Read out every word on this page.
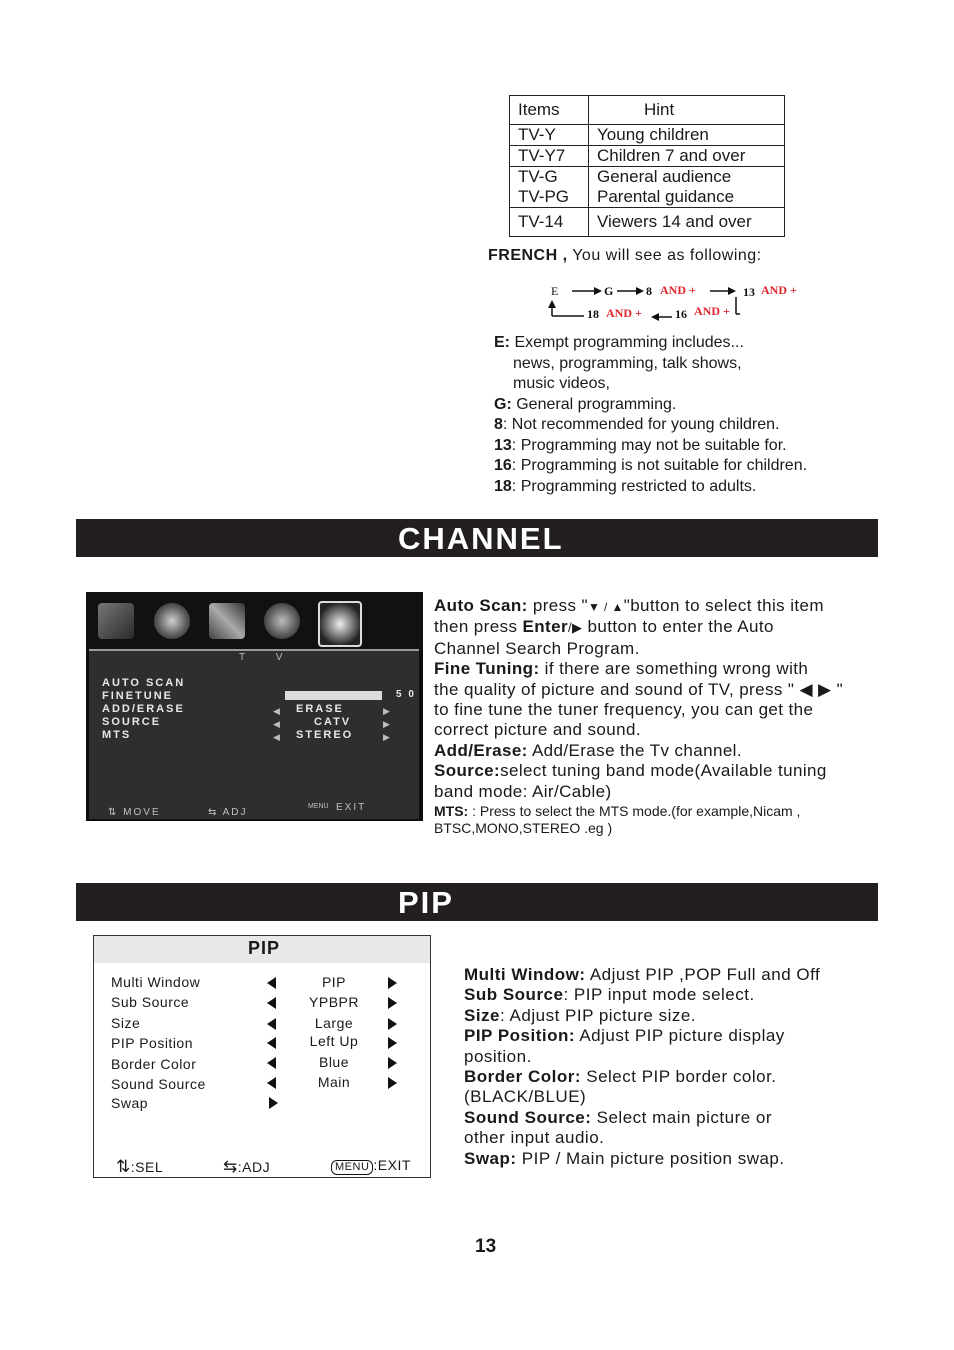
Items	Hint
TV-Y	Young children
TV-Y7	Children 7 and over
TV-G	General audience
TV-PG	Parental guidance
TV-14	Viewers 14 and over
FRENCH , You will see as following:
E	G	8 AND +	13 AND +
18 AND +	16 AND +
E: Exempt programming includes...
news, programming, talk shows,
music videos,
G: General programming.
8: Not recommended for young children.
13: Programming may not be suitable for.
16: Programming is not suitable for children.
18: Programming restricted to adults.
CHANNEL
T V
AUTO SCAN
FINETUNE
ADD/ERASE
SOURCE
MTS
5 0
◀ ERASE	▶
◀	CATV	▶
◀ STEREO	▶
⇅ MOVE	⇆ ADJ
MENU EXIT
Auto Scan: press "▼ / ▲"button to select this item
then press Enter/▶ button to enter the Auto
Channel Search Program.
Fine Tuning: if there are something wrong with
the quality of picture and sound of TV, press " ◀ ▶ "
to fine tune the tuner frequency, you can get the
correct picture and sound.
Add/Erase: Add/Erase the Tv channel.
Source:select tuning band mode(Available tuning
band mode: Air/Cable)
MTS: : Press to select the MTS mode.(for example,Nicam ,
BTSC,MONO,STEREO .eg )
PIP
PIP
Multi Window	PIP
Sub Source	YPBPR
Size	Large
PIP Position	Left Up
Border Color	Blue
Sound Source	Main
Swap
⇅:SEL	⇆:ADJ	MENU :EXIT
Multi Window: Adjust PIP ,POP Full and Off
Sub Source: PIP input mode select.
Size: Adjust PIP picture size.
PIP Position: Adjust PIP picture display
position.
Border Color: Select PIP border color.
(BLACK/BLUE)
Sound Source: Select main picture or
other input audio.
Swap: PIP / Main picture position swap.
13
